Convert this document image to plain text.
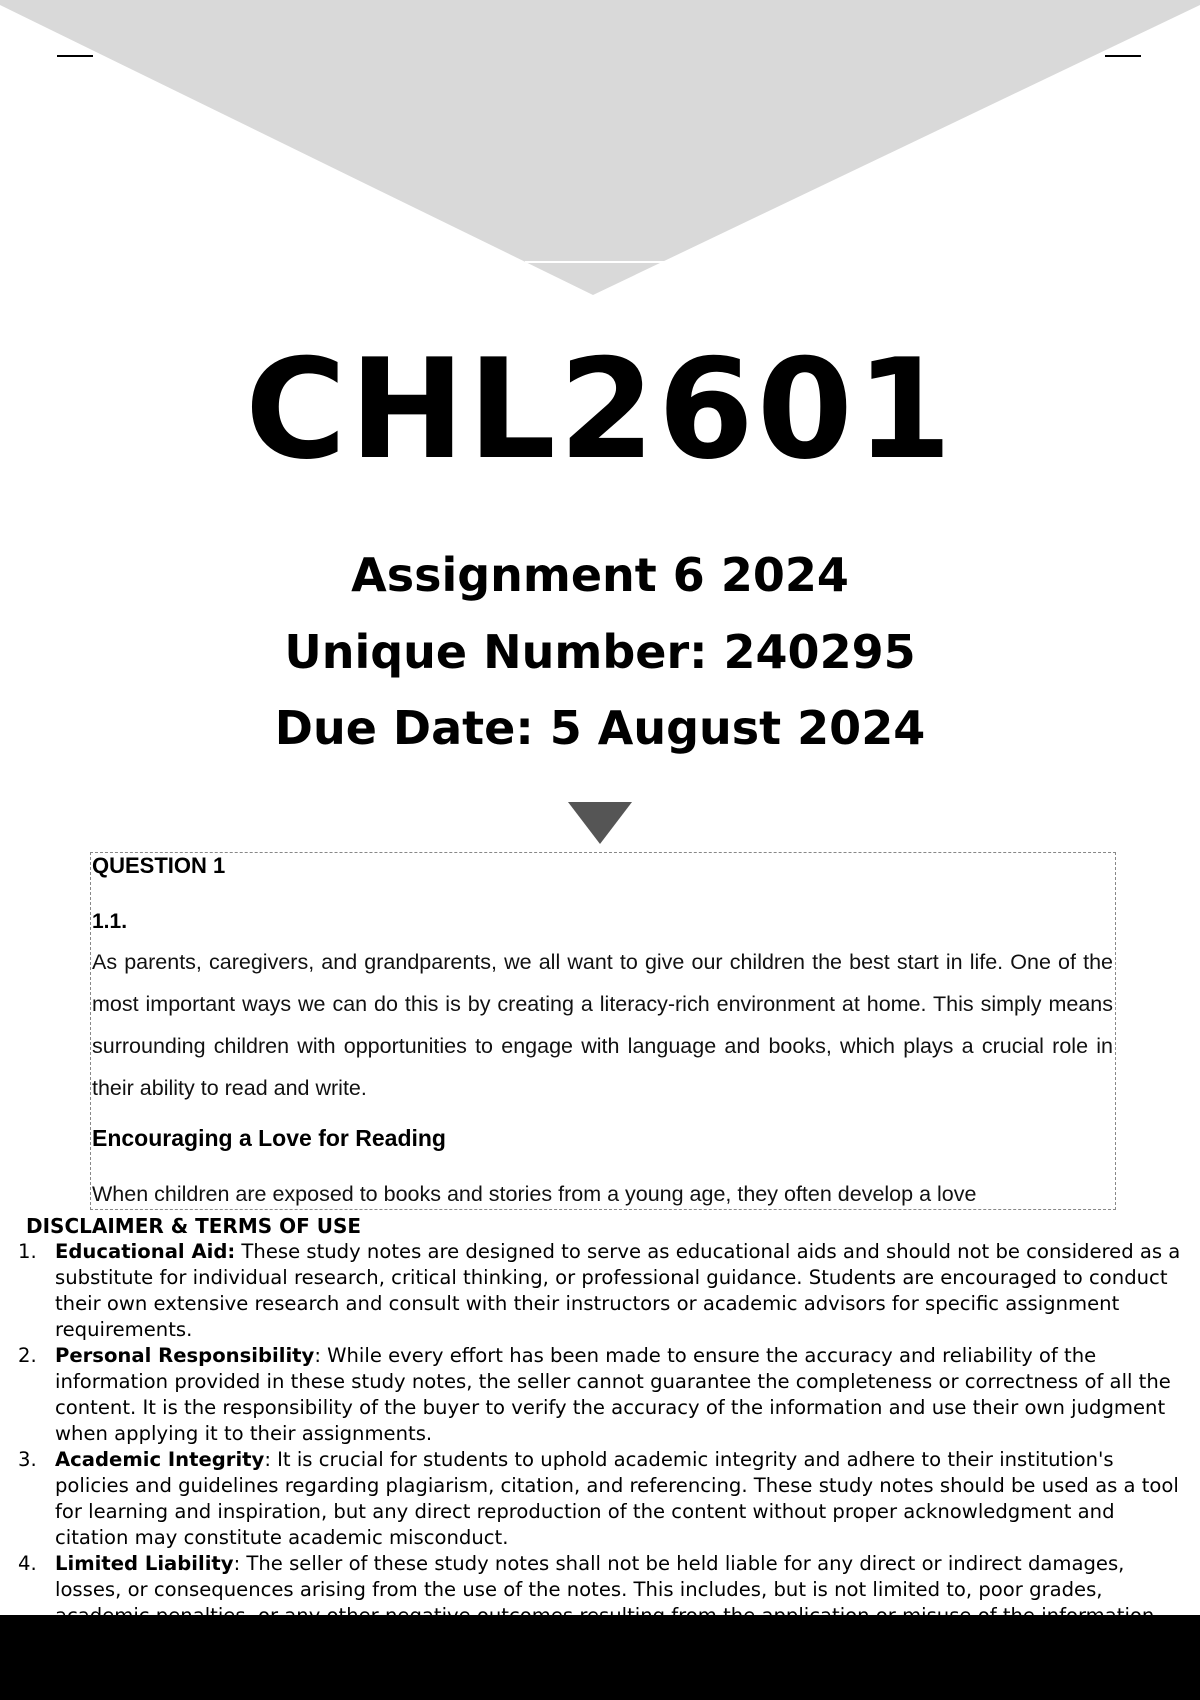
CHL2601
Assignment 6 2024
Unique Number: 240295
Due Date: 5 August 2024
QUESTION 1
1.1.
As parents, caregivers, and grandparents, we all want to give our children the best start in life. One of the most important ways we can do this is by creating a literacy-rich environment at home. This simply means surrounding children with opportunities to engage with language and books, which plays a crucial role in their ability to read and write.
Encouraging a Love for Reading
When children are exposed to books and stories from a young age, they often develop a love
DISCLAIMER & TERMS OF USE
1. Educational Aid: These study notes are designed to serve as educational aids and should not be considered as a substitute for individual research, critical thinking, or professional guidance. Students are encouraged to conduct their own extensive research and consult with their instructors or academic advisors for specific assignment requirements.
2. Personal Responsibility: While every effort has been made to ensure the accuracy and reliability of the information provided in these study notes, the seller cannot guarantee the completeness or correctness of all the content. It is the responsibility of the buyer to verify the accuracy of the information and use their own judgment when applying it to their assignments.
3. Academic Integrity: It is crucial for students to uphold academic integrity and adhere to their institution's policies and guidelines regarding plagiarism, citation, and referencing. These study notes should be used as a tool for learning and inspiration, but any direct reproduction of the content without proper acknowledgment and citation may constitute academic misconduct.
4. Limited Liability: The seller of these study notes shall not be held liable for any direct or indirect damages, losses, or consequences arising from the use of the notes. This includes, but is not limited to, poor grades,
